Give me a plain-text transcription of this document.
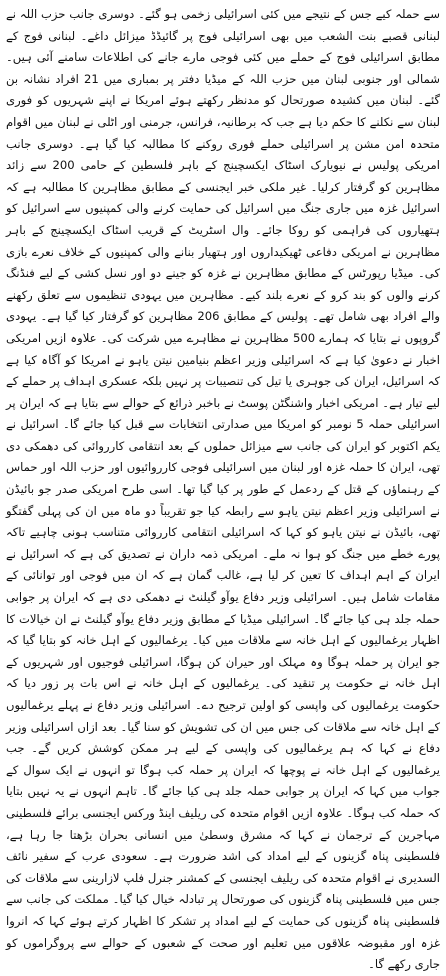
سے حملہ کیے جس کے نتیجے میں کئی اسرائیلی زخمی ہو گئے۔ دوسری جانب حزب اللہ نے لبنانی قصبے بنت الشعب میں بھی اسرائیلی فوج پر گائیڈڈ میزائل داغے۔ لبنانی فوج کے مطابق اسرائیلی فوج کے حملے میں کئی فوجی مارے جانے کی اطلاعات سامنے آئی ہیں۔ شمالی اور جنوبی لبنان میں حزب اللہ کے میڈیا دفتر پر بمباری میں 21 افراد نشانہ بن گئے۔ لبنان میں کشیدہ صورتحال کو مدنظر رکھتے ہوئے امریکا نے اپنے شہریوں کو فوری لبنان سے نکلنے کا حکم دیا ہے جب کہ برطانیہ، فرانس، جرمنی اور اٹلی نے لبنان میں اقوام متحدہ امن مشن پر اسرائیلی حملے فوری روکنے کا مطالبہ کیا گیا ہے۔ دوسری جانب امریکی پولیس نے نیویارک اسٹاک ایکسچینج کے باہر فلسطین کے حامی 200 سے زائد مظاہرین کو گرفتار کرلیا۔ غیر ملکی خبر ایجنسی کے مطابق مظاہرین کا مطالبہ ہے کہ اسرائیل غزہ میں جاری جنگ میں اسرائیل کی حمایت کرنے والی کمپنیوں سے اسرائیل کو ہتھیاروں کی فراہمی کو روکا جائے۔ وال اسٹریٹ کے قریب اسٹاک ایکسچینج کے باہر مظاہرین نے امریکی دفاعی ٹھیکیداروں اور ہتھیار بنانے والی کمپنیوں کے خلاف نعرے بازی کی۔ میڈیا رپورٹس کے مطابق مظاہرین نے غزہ کو جینے دو اور نسل کشی کے لیے فنڈنگ کرنے والوں کو بند کرو کے نعرے بلند کیے۔ مظاہرین میں یہودی تنظیموں سے تعلق رکھنے والے افراد بھی شامل تھے۔ پولیس کے مطابق 206 مظاہرین کو گرفتار کیا گیا ہے۔ یہودی گروپوں نے بتایا کہ ہمارے 500 مظاہرین نے مظاہرے میں شرکت کی۔ علاوہ ازیں امریکی اخبار نے دعویٰ کیا ہے کہ اسرائیلی وزیر اعظم بنیامین نیتن یاہو نے امریکا کو آگاہ کیا ہے کہ اسرائیل، ایران کی جوہری یا تیل کی تنصیبات پر نہیں بلکہ عسکری اہداف پر حملے کے لیے تیار ہے۔ امریکی اخبار واشنگٹن پوسٹ نے باخبر ذرائع کے حوالے سے بتایا ہے کہ ایران پر اسرائیلی حملہ 5 نومبر کو امریکا میں صدارتی انتخابات سے قبل کیا جائے گا۔ اسرائیل نے یکم اکتوبر کو ایران کی جانب سے میزائل حملوں کے بعد انتقامی کارروائی کی دھمکی دی تھی، ایران کا حملہ غزہ اور لبنان میں اسرائیلی فوجی کارروائیوں اور حزب اللہ اور حماس کے رہنماؤں کے قتل کے ردعمل کے طور پر کیا گیا تھا۔ اسی طرح امریکی صدر جو بائیڈن نے اسرائیلی وزیر اعظم نیتن یاہو سے رابطہ کیا جو تقریباً دو ماہ میں ان کی پہلی گفتگو تھی، بائیڈن نے نیتن یاہو کو کہا کہ اسرائیلی انتقامی کارروائی متناسب ہونی چاہیے تاکہ پورے خطے میں جنگ کو ہوا نہ ملے۔ امریکی ذمہ داران نے تصدیق کی ہے کہ اسرائیل نے ایران کے اہم اہداف کا تعین کر لیا ہے، غالب گمان ہے کہ ان میں فوجی اور توانائی کے مقامات شامل ہیں۔ اسرائیلی وزیر دفاع یوآو گیلنٹ نے دھمکی دی ہے کہ ایران پر جوابی حملہ جلد ہی کیا جائے گا۔ اسرائیلی میڈیا کے مطابق وزیر دفاع یوآو گیلنٹ نے ان خیالات کا اظہار یرغمالیوں کے اہل خانہ سے ملاقات میں کیا۔ یرغمالیوں کے اہل خانہ کو بتایا گیا کہ جو ایران پر حملہ ہوگا وہ مہلک اور حیران کن ہوگا، اسرائیلی فوجیوں اور شہریوں کے اہل خانہ نے حکومت پر تنقید کی۔ یرغمالیوں کے اہل خانہ نے اس بات پر زور دیا کہ حکومت یرغمالیوں کی واپسی کو اولین ترجیح دے۔ اسرائیلی وزیر دفاع نے پہلے یرغمالیوں کے اہل خانہ سے ملاقات کی جس میں ان کی تشویش کو سنا گیا۔ بعد ازاں اسرائیلی وزیر دفاع نے کہا کہ ہم یرغمالیوں کی واپسی کے لیے ہر ممکن کوشش کریں گے۔ جب یرغمالیوں کے اہل خانہ نے پوچھا کہ ایران پر حملہ کب ہوگا تو انہوں نے ایک سوال کے جواب میں کہا کہ ایران پر جوابی حملہ جلد ہی کیا جائے گا۔ تاہم انہوں نے یہ نہیں بتایا کہ حملہ کب ہوگا۔ علاوہ ازیں اقوام متحدہ کی ریلیف اینڈ ورکس ایجنسی برائے فلسطینی مہاجرین کے ترجمان نے کہا کہ مشرق وسطیٰ میں انسانی بحران بڑھتا جا رہا ہے، فلسطینی پناہ گزینوں کے لیے امداد کی اشد ضرورت ہے۔ سعودی عرب کے سفیر نائف السدیری نے اقوام متحدہ کی ریلیف ایجنسی کے کمشنر جنرل فلپ لازارینی سے ملاقات کی جس میں فلسطینی پناہ گزینوں کی صورتحال پر تبادلہ خیال کیا گیا۔ مملکت کی جانب سے فلسطینی پناہ گزینوں کی حمایت کے لیے امداد پر تشکر کا اظہار کرتے ہوئے کہا کہ انروا غزہ اور مقبوضہ علاقوں میں تعلیم اور صحت کے شعبوں کے حوالے سے پروگراموں کو جاری رکھے گا۔
